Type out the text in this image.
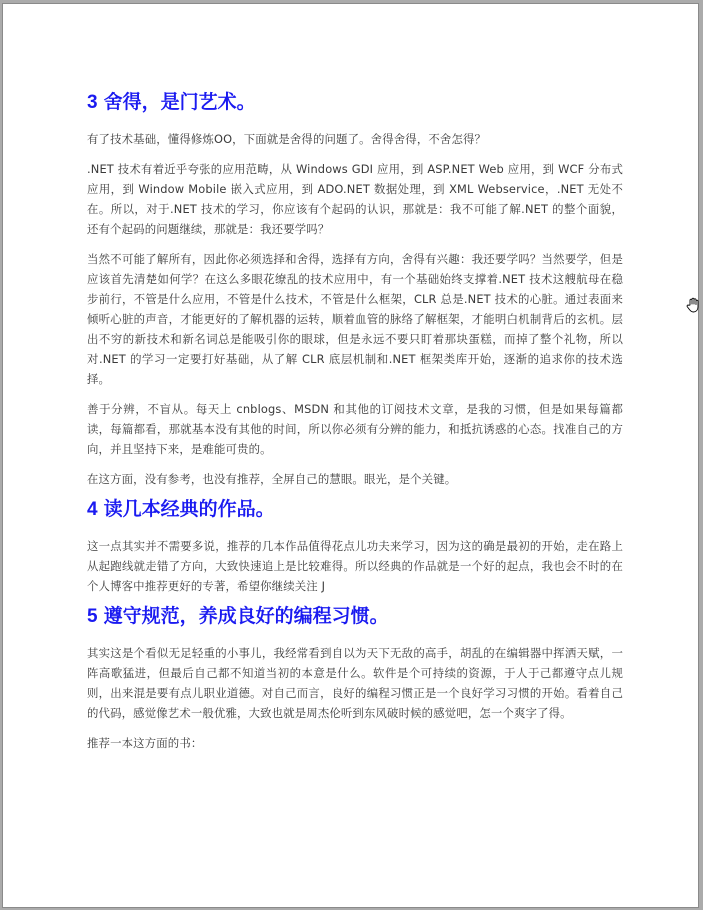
3 舍得，是门艺术。

有了技术基础，懂得修炼OO，下面就是舍得的问题了。舍得舍得，不舍怎得？

.NET 技术有着近乎夸张的应用范畴，从 Windows GDI 应用，到 ASP.NET Web 应用，到 WCF 分布式应用，到 Window Mobile 嵌入式应用，到 ADO.NET 数据处理，到 XML Webservice，.NET 无处不在。所以，对于.NET 技术的学习，你应该有个起码的认识，那就是：我不可能了解.NET 的整个面貌， 还有个起码的问题继续，那就是：我还要学吗？

当然不可能了解所有，因此你必须选择和舍得，选择有方向，舍得有兴趣：我还要学吗？当然要学，但是应该首先清楚如何学？在这么多眼花缭乱的技术应用中，有一个基础始终支撑着.NET 技术这艘航母在稳步前行，不管是什么应用，不管是什么技术，不管是什么框架，CLR 总是.NET 技术的心脏。通过表面来倾听心脏的声音，才能更好的了解机器的运转，顺着血管的脉络了解框架，才能明白机制背后的玄机。层出不穷的新技术和新名词总是能吸引你的眼球，但是永远不要只盯着那块蛋糕，而掉了整个礼物，所以对.NET 的学习一定要打好基础，从了解 CLR 底层机制和.NET 框架类库开始，逐渐的追求你的技术选择。

善于分辨，不盲从。每天上 cnblogs、MSDN 和其他的订阅技术文章，是我的习惯，但是如果每篇都读，每篇都看，那就基本没有其他的时间，所以你必须有分辨的能力，和抵抗诱惑的心态。找准自己的方向，并且坚持下来，是难能可贵的。

在这方面，没有参考，也没有推荐，全屏自己的慧眼。眼光，是个关键。

4 读几本经典的作品。

这一点其实并不需要多说，推荐的几本作品值得花点儿功夫来学习，因为这的确是最初的开始，走在路上从起跑线就走错了方向，大致快速追上是比较难得。所以经典的作品就是一个好的起点，我也会不时的在个人博客中推荐更好的专著，希望你继续关注 J

5 遵守规范，养成良好的编程习惯。

其实这是个看似无足轻重的小事儿，我经常看到自以为天下无敌的高手，胡乱的在编辑器中挥洒天赋，一阵高歌猛进，但最后自己都不知道当初的本意是什么。软件是个可持续的资源，于人于己都遵守点儿规则，出来混是要有点儿职业道德。对自己而言，良好的编程习惯正是一个良好学习习惯的开始。看着自己的代码，感觉像艺术一般优雅，大致也就是周杰伦听到东风破时候的感觉吧，怎一个爽字了得。

推荐一本这方面的书：
